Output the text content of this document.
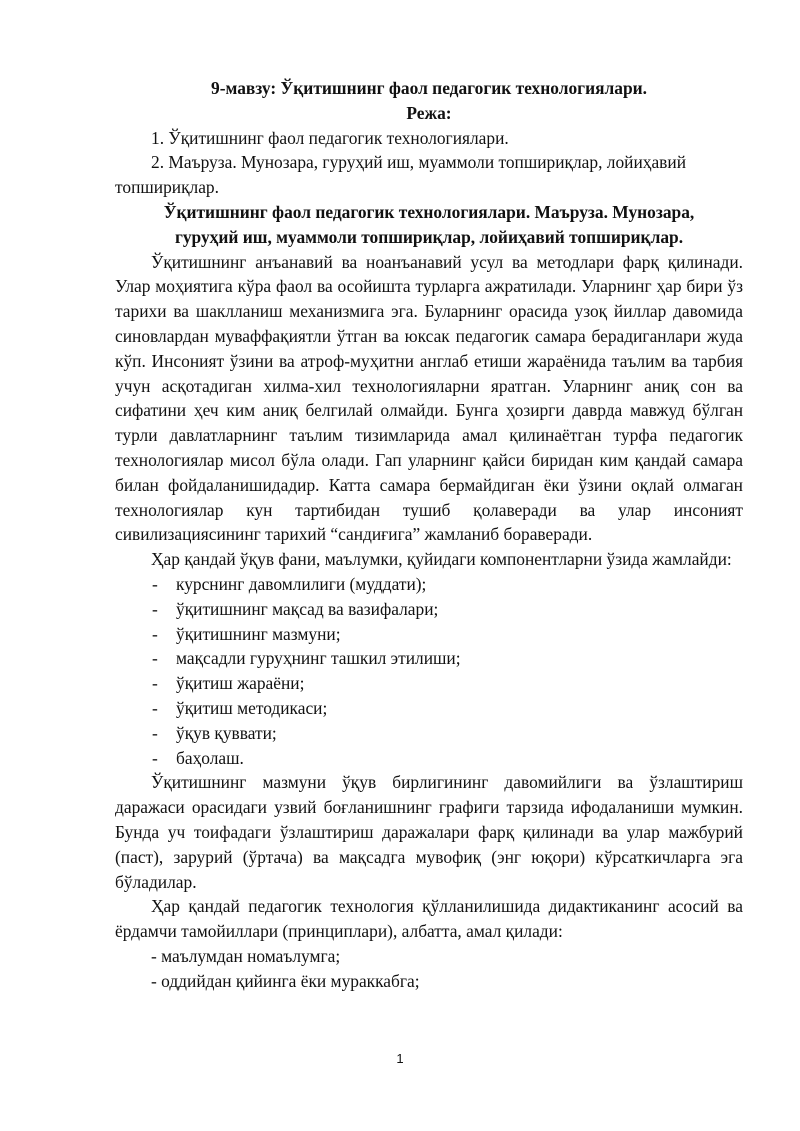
9-мавзу: Ўқитишнинг фаол педагогик технологиялари.

Режа:

1. Ўқитишнинг фаол педагогик технологиялари.

2. Маъруза. Мунозара, гуруҳий иш, муаммоли топшириқлар, лойиҳавий топшириқлар.

Ўқитишнинг фаол педагогик технологиялари. Маъруза. Мунозара,

гуруҳий иш, муаммоли топшириқлар, лойиҳавий топшириқлар.

Ўқитишнинг анъанавий ва ноанъанавий усул ва методлари фарқ қилинади. Улар моҳиятига кўра фаол ва осойишта турларга ажратилади. Уларнинг ҳар бири ўз тарихи ва шаклланиш механизмига эга. Буларнинг орасида узоқ йиллар давомида синовлардан муваффақиятли ўтган ва юксак педагогик самара берадиганлари жуда кўп. Инсоният ўзини ва атроф-муҳитни англаб етиши жараёнида таълим ва тарбия учун асқотадиган хилма-хил технологияларни яратган. Уларнинг аниқ сон ва сифатини ҳеч ким аниқ белгилай олмайди. Бунга ҳозирги даврда мавжуд бўлган турли давлатларнинг таълим тизимларида амал қилинаётган турфа педагогик технологиялар мисол бўла олади. Гап уларнинг қайси биридан ким қандай самара билан фойдаланишидадир. Катта самара бермайдиган ёки ўзини оқлай олмаган технологиялар кун тартибидан тушиб қолаверади ва улар инсоният сивилизациясининг тарихий “сандиғига” жамланиб бораверади.

Ҳар қандай ўқув фани, маълумки, қуйидаги компонентларни ўзида жамлайди:

- курснинг давомлилиги (муддати);
- ўқитишнинг мақсад ва вазифалари;
- ўқитишнинг мазмуни;
- мақсадли гуруҳнинг ташкил этилиши;
- ўқитиш жараёни;
- ўқитиш методикаси;
- ўқув қуввати;
- баҳолаш.

Ўқитишнинг мазмуни ўқув бирлигининг давомийлиги ва ўзлаштириш даражаси орасидаги узвий боғланишнинг графиги тарзида ифодаланиши мумкин. Бунда уч тоифадаги ўзлаштириш даражалари фарқ қилинади ва улар мажбурий (паст), зарурий (ўртача) ва мақсадга мувофиқ (энг юқори) кўрсаткичларга эга бўладилар.

Ҳар қандай педагогик технология қўлланилишида дидактиканинг асосий ва ёрдамчи тамойиллари (принциплари), албатта, амал қилади:

- маълумдан номаълумга;

- оддийдан қийинга ёки мураккабга;

1
